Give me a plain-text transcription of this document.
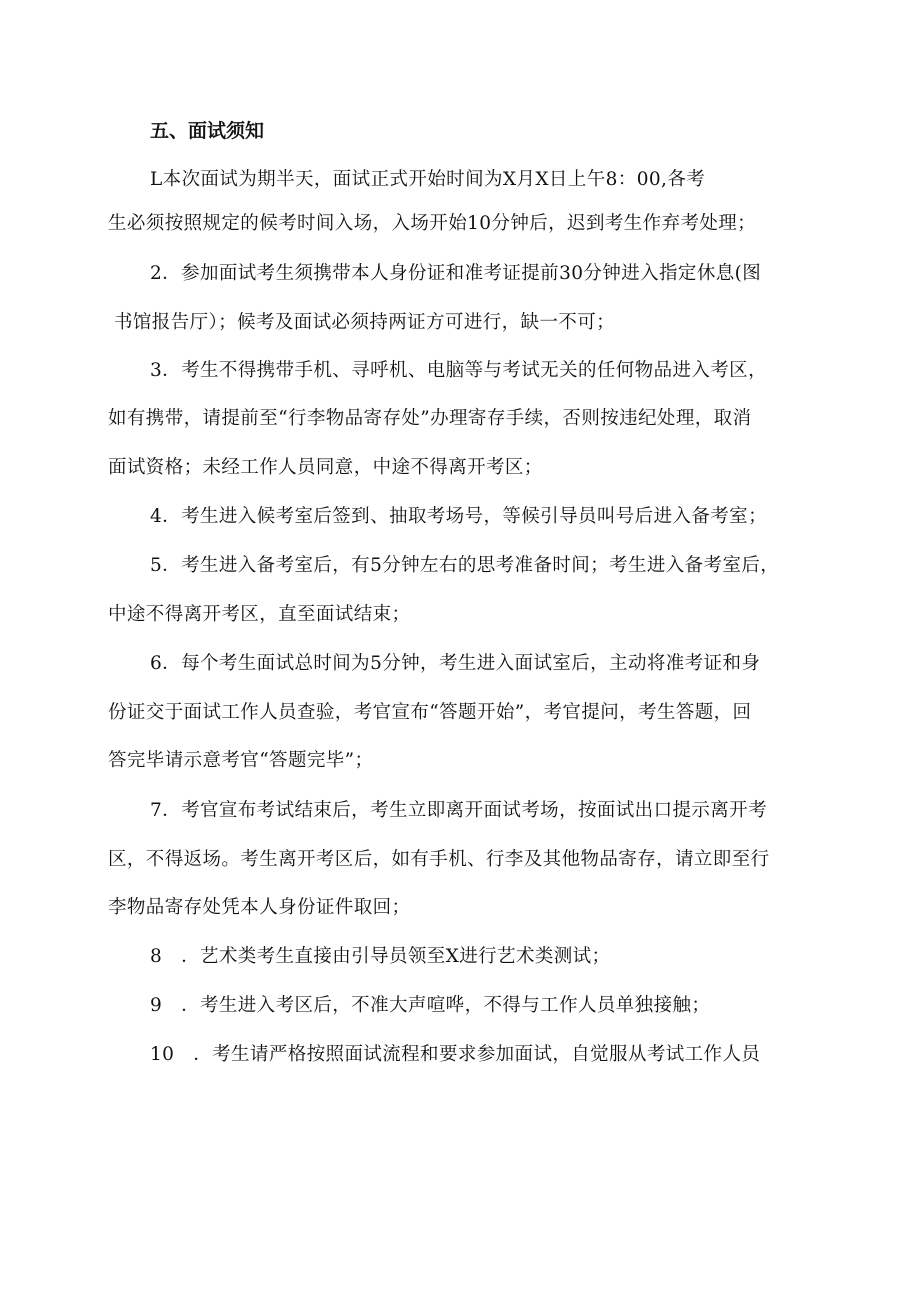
五、面试须知
L本次面试为期半天，面试正式开始时间为X月X日上午8：00,各考
生必须按照规定的候考时间入场，入场开始10分钟后，迟到考生作弃考处理；
2．参加面试考生须携带本人身份证和准考证提前30分钟进入指定休息(图
书馆报告厅）；候考及面试必须持两证方可进行，缺一不可；
3．考生不得携带手机、寻呼机、电脑等与考试无关的任何物品进入考区，
如有携带，请提前至“行李物品寄存处”办理寄存手续，否则按违纪处理，取消
面试资格；未经工作人员同意，中途不得离开考区；
4．考生进入候考室后签到、抽取考场号，等候引导员叫号后进入备考室；
5．考生进入备考室后，有5分钟左右的思考准备时间；考生进入备考室后，
中途不得离开考区，直至面试结束；
6．每个考生面试总时间为5分钟，考生进入面试室后，主动将准考证和身
份证交于面试工作人员查验，考官宣布“答题开始”，考官提问，考生答题，回
答完毕请示意考官“答题完毕”；
7．考官宣布考试结束后，考生立即离开面试考场，按面试出口提示离开考
区，不得返场。考生离开考区后，如有手机、行李及其他物品寄存，请立即至行
李物品寄存处凭本人身份证件取回；
8　．艺术类考生直接由引导员领至X进行艺术类测试；
9　．考生进入考区后，不准大声喧哗，不得与工作人员单独接触；
10　．考生请严格按照面试流程和要求参加面试，自觉服从考试工作人员
